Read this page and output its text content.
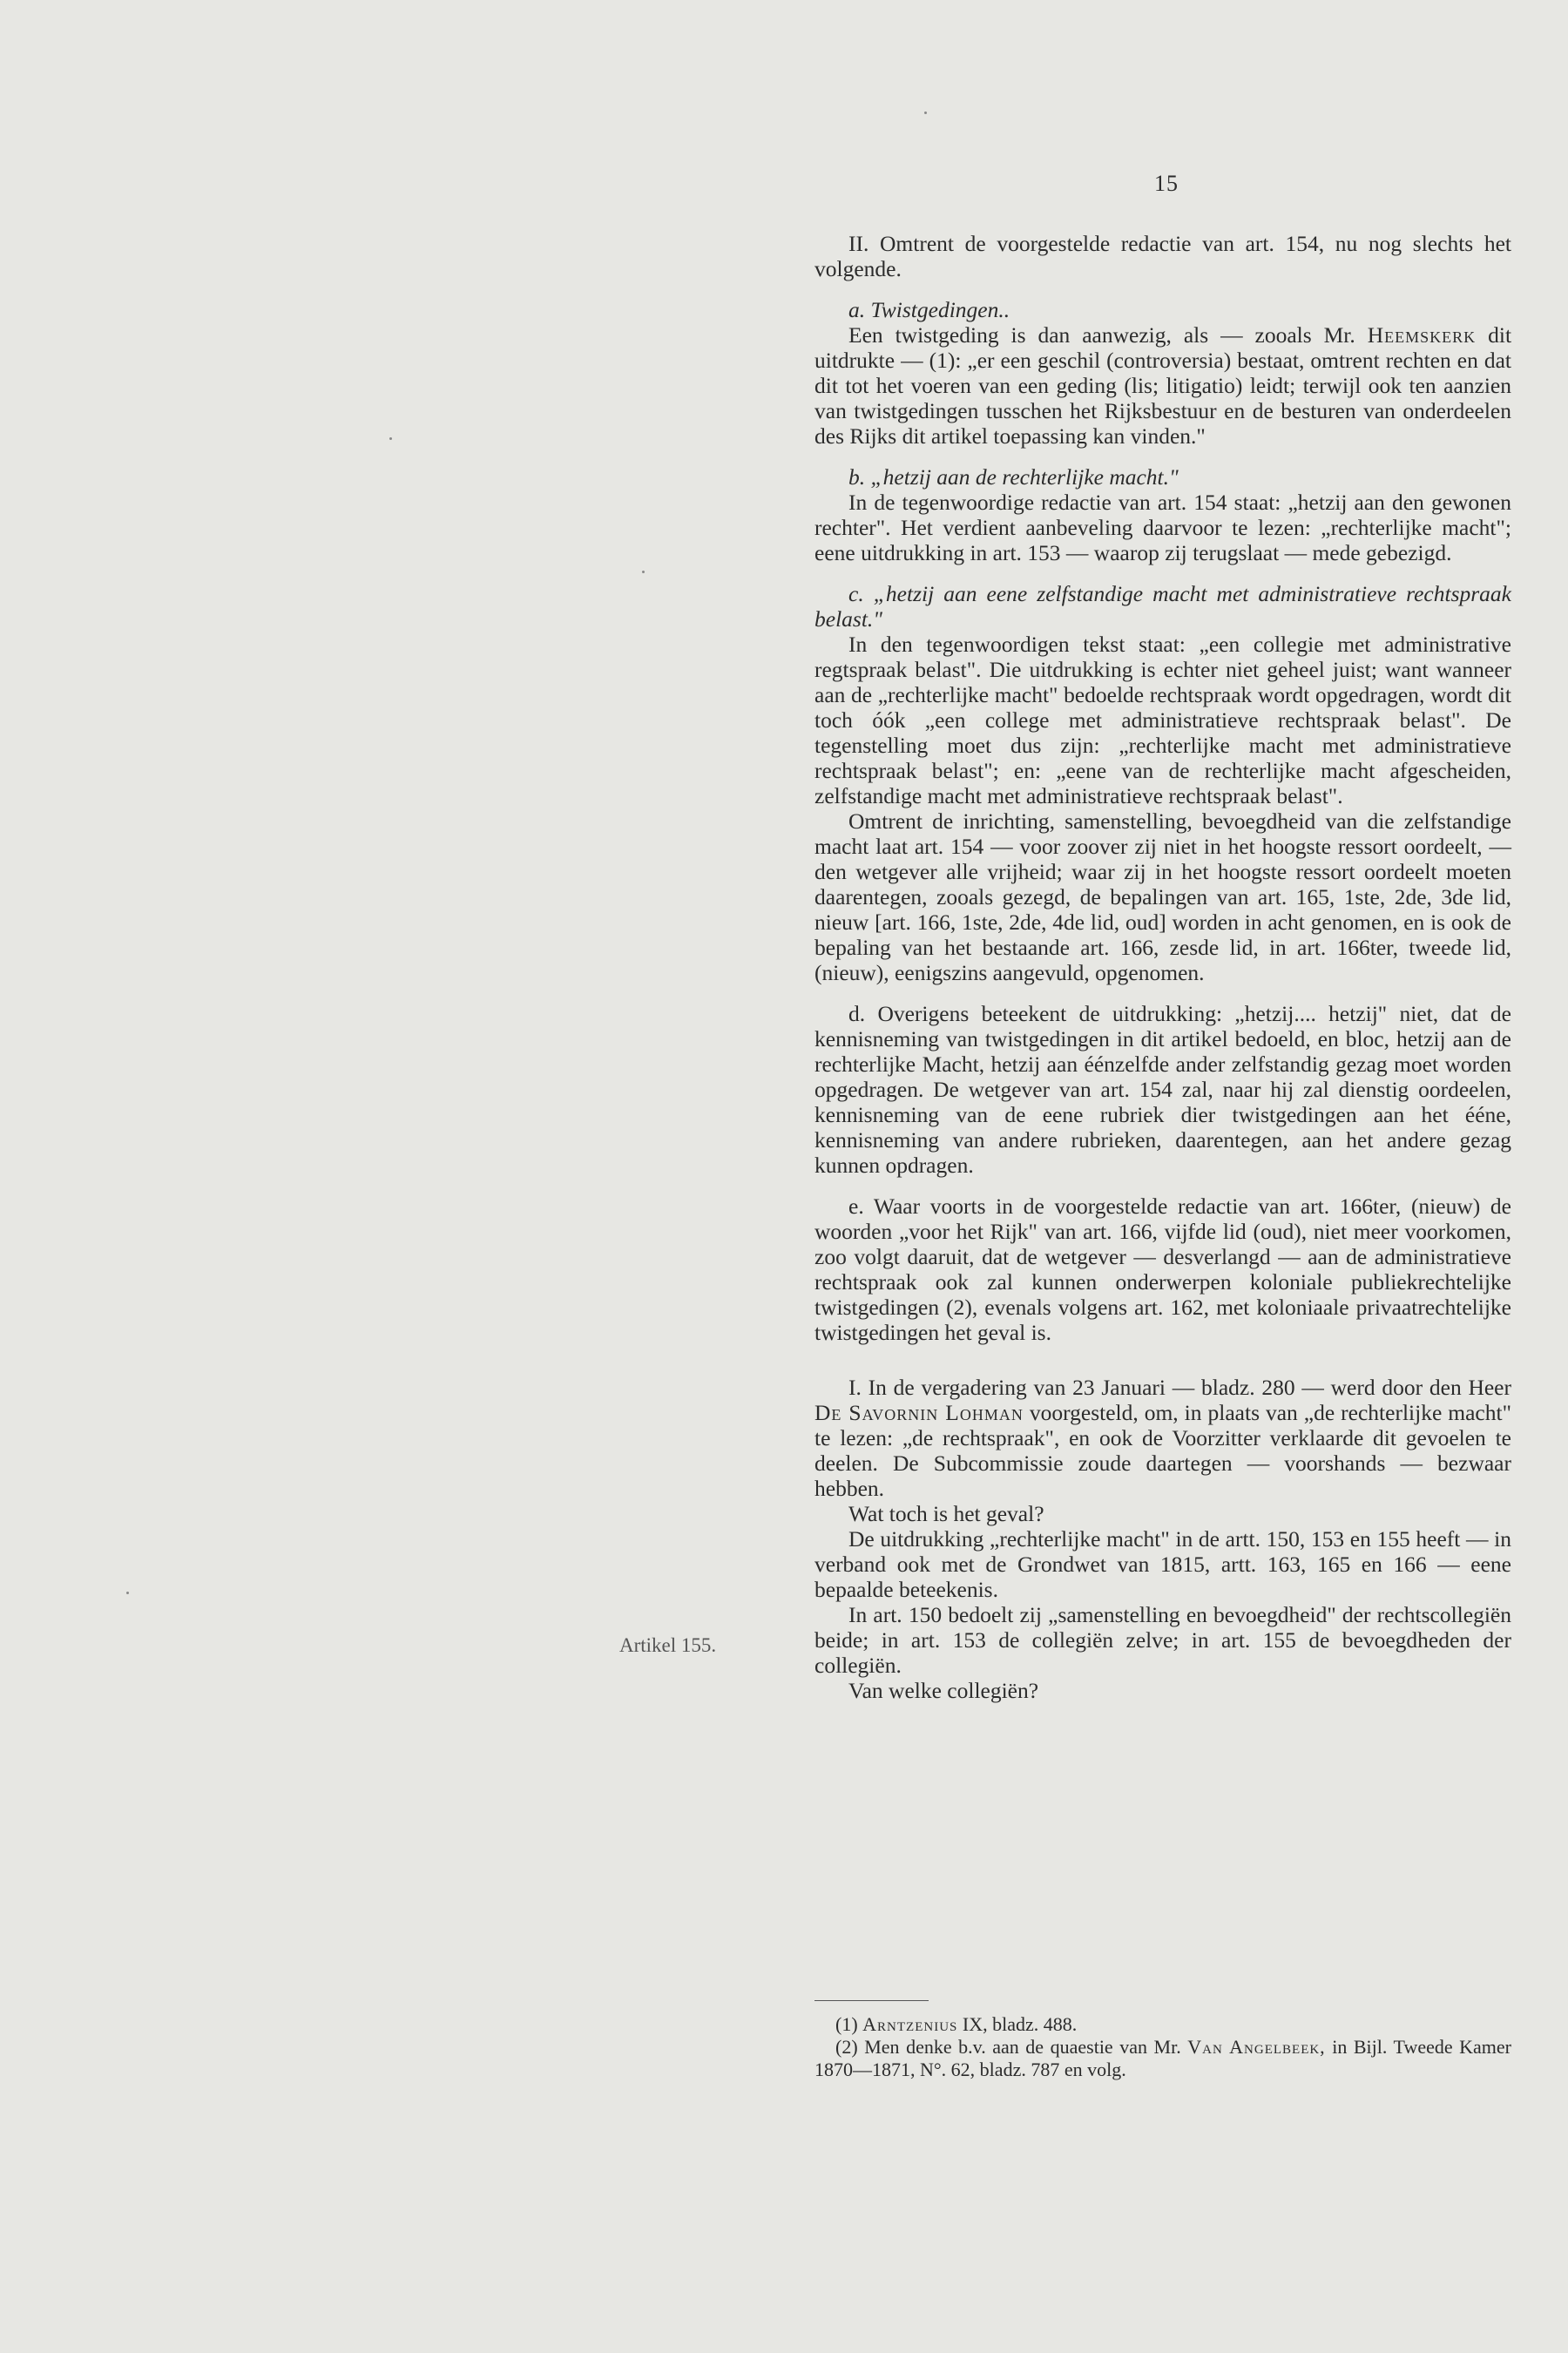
15

II. Omtrent de voorgestelde redactie van art. 154, nu nog slechts het volgende.

a. Twistgedingen..

Een twistgeding is dan aanwezig, als — zooals Mr. Heemskerk dit uitdrukte — (1): „er een geschil (controversia) bestaat, omtrent rechten en dat dit tot het voeren van een geding (lis; litigatio) leidt; terwijl ook ten aanzien van twistgedingen tusschen het Rijksbestuur en de besturen van onderdeelen des Rijks dit artikel toepassing kan vinden."

b. „hetzij aan de rechterlijke macht."

In de tegenwoordige redactie van art. 154 staat: „hetzij aan den gewonen rechter". Het verdient aanbeveling daarvoor te lezen: „rechterlijke macht"; eene uitdrukking in art. 153 — waarop zij terugslaat — mede gebezigd.

c. „hetzij aan eene zelfstandige macht met administratieve rechtspraak belast."

In den tegenwoordigen tekst staat: „een collegie met administrative regtspraak belast". Die uitdrukking is echter niet geheel juist; want wanneer aan de „rechterlijke macht" bedoelde rechtspraak wordt opgedragen, wordt dit toch óók „een college met administratieve rechtspraak belast". De tegenstelling moet dus zijn: „rechterlijke macht met administratieve rechtspraak belast"; en: „eene van de rechterlijke macht afgescheiden, zelfstandige macht met administratieve rechtspraak belast".

Omtrent de inrichting, samenstelling, bevoegdheid van die zelfstandige macht laat art. 154 — voor zoover zij niet in het hoogste ressort oordeelt, — den wetgever alle vrijheid; waar zij in het hoogste ressort oordeelt moeten daarentegen, zooals gezegd, de bepalingen van art. 165, 1ste, 2de, 3de lid, nieuw [art. 166, 1ste, 2de, 4de lid, oud] worden in acht genomen, en is ook de bepaling van het bestaande art. 166, zesde lid, in art. 166ter, tweede lid, (nieuw), eenigszins aangevuld, opgenomen.

d. Overigens beteekent de uitdrukking: „hetzij.... hetzij" niet, dat de kennisneming van twistgedingen in dit artikel bedoeld, en bloc, hetzij aan de rechterlijke Macht, hetzij aan éénzelfde ander zelfstandig gezag moet worden opgedragen. De wetgever van art. 154 zal, naar hij zal dienstig oordeelen, kennisneming van de eene rubriek dier twistgedingen aan het ééne, kennisneming van andere rubrieken, daarentegen, aan het andere gezag kunnen opdragen.

e. Waar voorts in de voorgestelde redactie van art. 166ter, (nieuw) de woorden „voor het Rijk" van art. 166, vijfde lid (oud), niet meer voorkomen, zoo volgt daaruit, dat de wetgever — desverlangd — aan de administratieve rechtspraak ook zal kunnen onderwerpen koloniale publiekrechtelijke twistgedingen (2), evenals volgens art. 162, met koloniaale privaatrechtelijke twistgedingen het geval is.

I. In de vergadering van 23 Januari — bladz. 280 — werd door den Heer De Savornin Lohman voorgesteld, om, in plaats van „de rechterlijke macht" te lezen: „de rechtspraak", en ook de Voorzitter verklaarde dit gevoelen te deelen. De Subcommissie zoude daartegen — voorshands — bezwaar hebben.

Wat toch is het geval?

De uitdrukking „rechterlijke macht" in de artt. 150, 153 en 155 heeft — in verband ook met de Grondwet van 1815, artt. 163, 165 en 166 — eene bepaalde beteekenis.

In art. 150 bedoelt zij „samenstelling en bevoegdheid" der rechtscollegiën beide; in art. 153 de collegiën zelve; in art. 155 de bevoegdheden der collegiën.

Van welke collegiën?

Artikel 155.

(1) Arntzenius IX, bladz. 488.

(2) Men denke b.v. aan de quaestie van Mr. Van Angelbeek, in Bijl. Tweede Kamer 1870—1871, N°. 62, bladz. 787 en volg.
